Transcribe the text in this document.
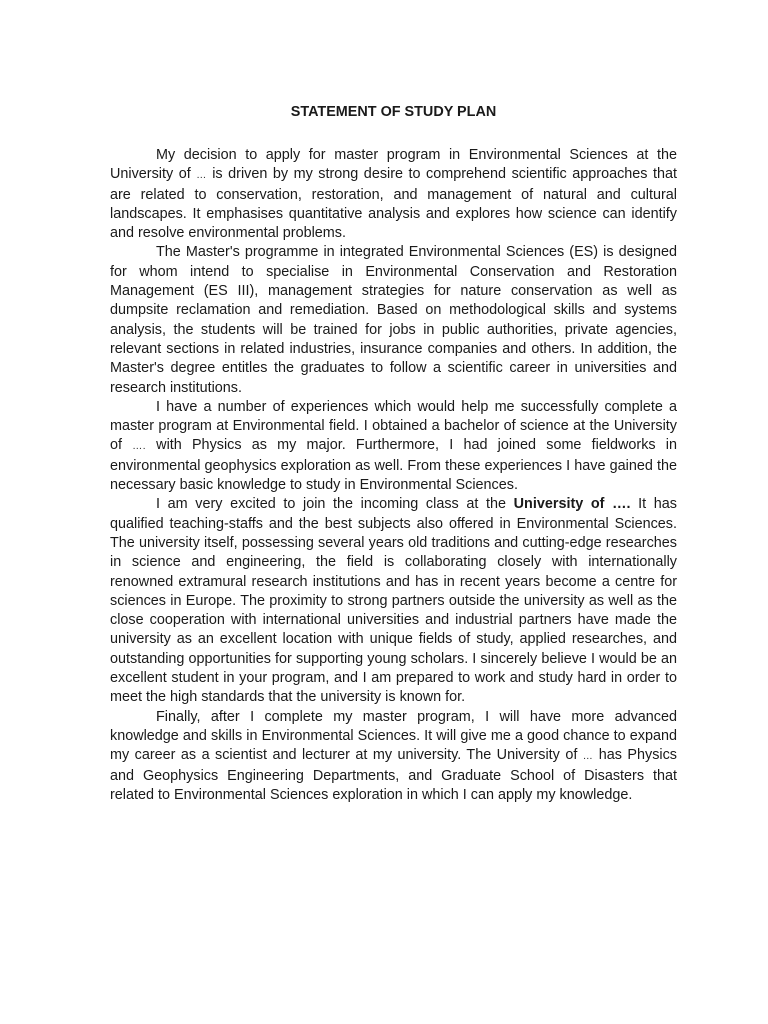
STATEMENT OF STUDY PLAN

My decision to apply for master program in Environmental Sciences at the University of … is driven by my strong desire to comprehend scientific approaches that are related to conservation, restoration, and management of natural and cultural landscapes. It emphasises quantitative analysis and explores how science can identify and resolve environmental problems.

The Master's programme in integrated Environmental Sciences (ES) is designed for whom intend to specialise in Environmental Conservation and Restoration Management (ES III), management strategies for nature conservation as well as dumpsite reclamation and remediation. Based on methodological skills and systems analysis, the students will be trained for jobs in public authorities, private agencies, relevant sections in related industries, insurance companies and others. In addition, the Master's degree entitles the graduates to follow a scientific career in universities and research institutions.

I have a number of experiences which would help me successfully complete a master program at Environmental field. I obtained a bachelor of science at the University of …. with Physics as my major. Furthermore, I had joined some fieldworks in environmental geophysics exploration as well. From these experiences I have gained the necessary basic knowledge to study in Environmental Sciences.

I am very excited to join the incoming class at the University of …. It has qualified teaching-staffs and the best subjects also offered in Environmental Sciences. The university itself, possessing several years old traditions and cutting-edge researches in science and engineering, the field is collaborating closely with internationally renowned extramural research institutions and has in recent years become a centre for sciences in Europe. The proximity to strong partners outside the university as well as the close cooperation with international universities and industrial partners have made the university as an excellent location with unique fields of study, applied researches, and outstanding opportunities for supporting young scholars. I sincerely believe I would be an excellent student in your program, and I am prepared to work and study hard in order to meet the high standards that the university is known for.

Finally, after I complete my master program, I will have more advanced knowledge and skills in Environmental Sciences. It will give me a good chance to expand my career as a scientist and lecturer at my university. The University of … has Physics and Geophysics Engineering Departments, and Graduate School of Disasters that related to Environmental Sciences exploration in which I can apply my knowledge.
